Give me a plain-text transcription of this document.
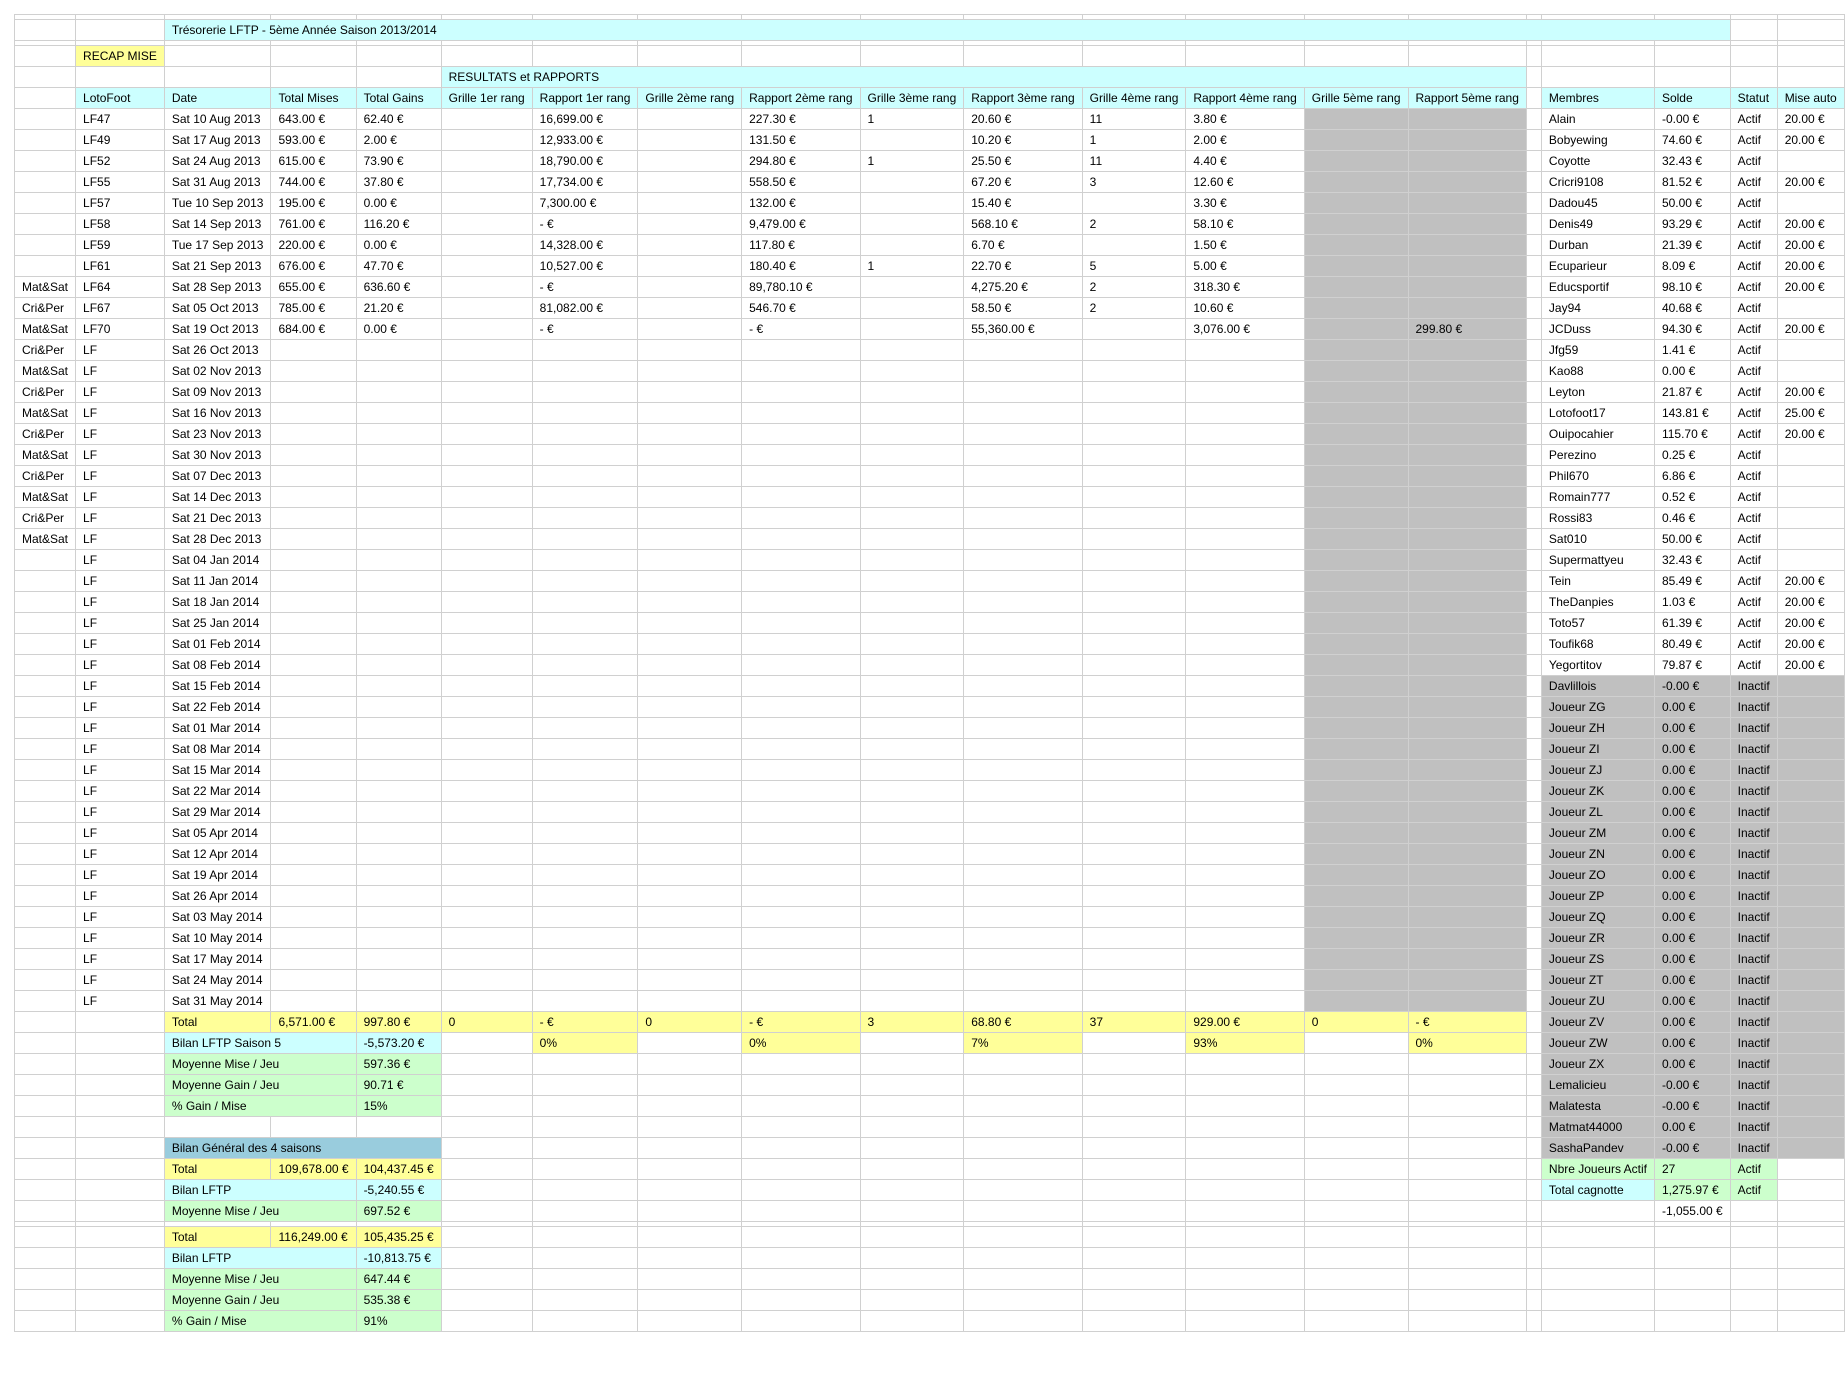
		Trésorerie LFTP - 5ème Année Saison 2013/2014																	

	RECAP MISE																		
					RESULTATS et RAPPORTS														
	LotoFoot	Date	Total Mises	Total Gains	Grille 1er rang	Rapport 1er rang	Grille 2ème rang	Rapport 2ème rang	Grille 3ème rang	Rapport 3ème rang	Grille 4ème rang	Rapport 4ème rang	Grille 5ème rang	Rapport 5ème rang		Membres	Solde	Statut	Mise auto
	LF47	Sat 10 Aug 2013	643.00 €	62.40 €		16,699.00 €		227.30 €	1	20.60 €	11	3.80 €				Alain	-0.00 €	Actif	20.00 €
	LF49	Sat 17 Aug 2013	593.00 €	2.00 €		12,933.00 €		131.50 €		10.20 €	1	2.00 €				Bobyewing	74.60 €	Actif	20.00 €
	LF52	Sat 24 Aug 2013	615.00 €	73.90 €		18,790.00 €		294.80 €	1	25.50 €	11	4.40 €				Coyotte	32.43 €	Actif	
	LF55	Sat 31 Aug 2013	744.00 €	37.80 €		17,734.00 €		558.50 €		67.20 €	3	12.60 €				Cricri9108	81.52 €	Actif	20.00 €
	LF57	Tue 10 Sep 2013	195.00 €	0.00 €		7,300.00 €		132.00 €		15.40 €		3.30 €				Dadou45	50.00 €	Actif	
	LF58	Sat 14 Sep 2013	761.00 €	116.20 €		- €		9,479.00 €		568.10 €	2	58.10 €				Denis49	93.29 €	Actif	20.00 €
	LF59	Tue 17 Sep 2013	220.00 €	0.00 €		14,328.00 €		117.80 €		6.70 €		1.50 €				Durban	21.39 €	Actif	20.00 €
	LF61	Sat 21 Sep 2013	676.00 €	47.70 €		10,527.00 €		180.40 €	1	22.70 €	5	5.00 €				Ecuparieur	8.09 €	Actif	20.00 €
Mat&Sat	LF64	Sat 28 Sep 2013	655.00 €	636.60 €		- €		89,780.10 €		4,275.20 €	2	318.30 €				Educsportif	98.10 €	Actif	20.00 €
Cri&Per	LF67	Sat 05 Oct 2013	785.00 €	21.20 €		81,082.00 €		546.70 €		58.50 €	2	10.60 €				Jay94	40.68 €	Actif	
Mat&Sat	LF70	Sat 19 Oct 2013	684.00 €	0.00 €		- €		- €		55,360.00 €		3,076.00 €		299.80 €		JCDuss	94.30 €	Actif	20.00 €
Cri&Per	LF	Sat 26 Oct 2013														Jfg59	1.41 €	Actif	
Mat&Sat	LF	Sat 02 Nov 2013														Kao88	0.00 €	Actif	
Cri&Per	LF	Sat 09 Nov 2013														Leyton	21.87 €	Actif	20.00 €
Mat&Sat	LF	Sat 16 Nov 2013														Lotofoot17	143.81 €	Actif	25.00 €
Cri&Per	LF	Sat 23 Nov 2013														Ouipocahier	115.70 €	Actif	20.00 €
Mat&Sat	LF	Sat 30 Nov 2013														Perezino	0.25 €	Actif	
Cri&Per	LF	Sat 07 Dec 2013														Phil670	6.86 €	Actif	
Mat&Sat	LF	Sat 14 Dec 2013														Romain777	0.52 €	Actif	
Cri&Per	LF	Sat 21 Dec 2013														Rossi83	0.46 €	Actif	
Mat&Sat	LF	Sat 28 Dec 2013														Sat010	50.00 €	Actif	
	LF	Sat 04 Jan 2014														Supermattyeu	32.43 €	Actif	
	LF	Sat 11 Jan 2014														Tein	85.49 €	Actif	20.00 €
	LF	Sat 18 Jan 2014														TheDanpies	1.03 €	Actif	20.00 €
	LF	Sat 25 Jan 2014														Toto57	61.39 €	Actif	20.00 €
	LF	Sat 01 Feb 2014														Toufik68	80.49 €	Actif	20.00 €
	LF	Sat 08 Feb 2014														Yegortitov	79.87 €	Actif	20.00 €
	LF	Sat 15 Feb 2014														Davlillois	-0.00 €	Inactif	
	LF	Sat 22 Feb 2014														Joueur ZG	0.00 €	Inactif	
	LF	Sat 01 Mar 2014														Joueur ZH	0.00 €	Inactif	
	LF	Sat 08 Mar 2014														Joueur ZI	0.00 €	Inactif	
	LF	Sat 15 Mar 2014														Joueur ZJ	0.00 €	Inactif	
	LF	Sat 22 Mar 2014														Joueur ZK	0.00 €	Inactif	
	LF	Sat 29 Mar 2014														Joueur ZL	0.00 €	Inactif	
	LF	Sat 05 Apr 2014														Joueur ZM	0.00 €	Inactif	
	LF	Sat 12 Apr 2014														Joueur ZN	0.00 €	Inactif	
	LF	Sat 19 Apr 2014														Joueur ZO	0.00 €	Inactif	
	LF	Sat 26 Apr 2014														Joueur ZP	0.00 €	Inactif	
	LF	Sat 03 May 2014														Joueur ZQ	0.00 €	Inactif	
	LF	Sat 10 May 2014														Joueur ZR	0.00 €	Inactif	
	LF	Sat 17 May 2014														Joueur ZS	0.00 €	Inactif	
	LF	Sat 24 May 2014														Joueur ZT	0.00 €	Inactif	
	LF	Sat 31 May 2014														Joueur ZU	0.00 €	Inactif	
		Total	6,571.00 €	997.80 €	0	- €	0	- €	3	68.80 €	37	929.00 €	0	- €		Joueur ZV	0.00 €	Inactif	
		Bilan LFTP Saison 5		-5,573.20 €		0%		0%		7%		93%		0%		Joueur ZW	0.00 €	Inactif	
		Moyenne Mise / Jeu		597.36 €												Joueur ZX	0.00 €	Inactif	
		Moyenne Gain / Jeu		90.71 €												Lemalicieu	-0.00 €	Inactif	
		% Gain / Mise		15%												Malatesta	-0.00 €	Inactif	
																Matmat44000	0.00 €	Inactif	
		Bilan Général des 4 saisons														SashaPandev	-0.00 €	Inactif	
		Total	109,678.00 €	104,437.45 €												Nbre Joueurs Actif	27	Actif	
		Bilan LFTP		-5,240.55 €												Total cagnotte	1,275.97 €	Actif	
		Moyenne Mise / Jeu		697.52 €													-1,055.00 €		

		Total	116,249.00 €	105,435.25 €															
		Bilan LFTP		-10,813.75 €															
		Moyenne Mise / Jeu		647.44 €															
		Moyenne Gain / Jeu		535.38 €															
		% Gain / Mise		91%															
